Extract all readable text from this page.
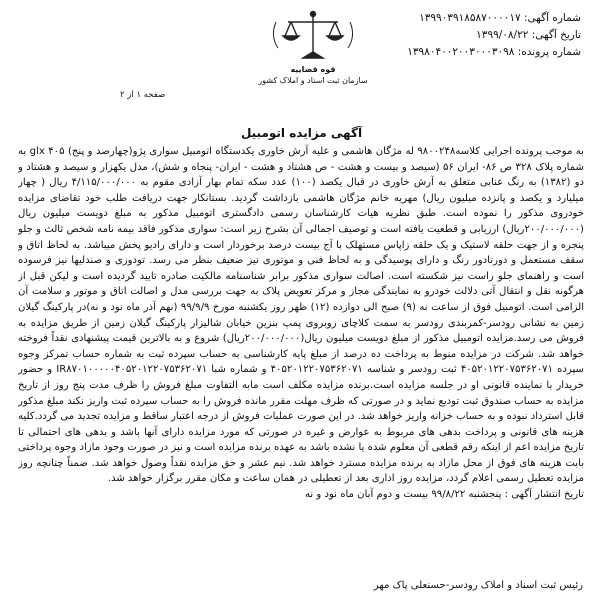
شماره آگهی: ۱۳۹۹۰۳۹۱۸۵۸۷۰۰۰۰۱۷
تاریخ آگهی: ۱۳۹۹/۰۸/۲۲
شماره پرونده: ۱۳۹۸۰۴۰۰۲۰۰۳۰۰۰۳۰۹۸
قوه قضاییه
سازمان ثبت اسناد و املاک کشور
صفحه ۱ از ۲
آگهی مزایده اتومبیل
به موجب پرونده اجرایی کلاسه۹۸۰۰۲۴۸ له مژگان هاشمی و علیه آرش خاوری یکدستگاه اتومبیل سواری پژو(چهارصد و پنج) ۴۰۵ glx به شماره پلاک ۳۲۸ ص ۸۶- ایران ۵۶ (سیصد و بیست و هشت - ص هشتاد و هشت - ایران- پنجاه و شش)، مدل یکهزار و سیصد و هشتاد و دو (۱۳۸۲) به رنگ عنابی متعلق به آرش خاوری در قبال یکصد (۱۰۰) عدد سکه تمام بهار آزادی مقوم به ۴/۱۱۵/۰۰۰/۰۰۰ ریال ( چهار میلیارد و یکصد و پانزده میلیون ریال) مهریه خانم مژگان هاشمی بازداشت گردید. بستانکار جهت دریافت طلب خود تقاضای مزایده خودروی مذکور را نموده است. طبق نظریه هیات کارشناسان رسمی دادگستری اتومبیل مذکور به مبلغ دویست میلیون ریال (۲۰۰/۰۰۰/۰۰۰ریال) ارزیابی و قطعیت یافته است و توصیف اجمالی آن بشرح زیر است: سواری مذکور فاقد بیمه نامه شخص ثالث و جلو پنجره و از جهت حلقه لاستیک و یک حلقه زاپاس مستهلک با آج بیست درصد برخوردار است و دارای رادیو پخش میباشد. به لحاظ اتاق و سقف مستعمل و دورتادور رنگ و دارای پوسیدگی و به لحاظ فنی و موتوری نیز ضعیف بنظر می رسد. تودوزی و صندلیها نیز فرسوده است و راهنمای جلو راست نیز شکسته است. اصالت سواری مذکور برابر شناسنامه مالکیت صادره تایید گردیده است و لیکن قبل از هرگونه نقل و انتقال آتی دلالت خودرو به نمایندگی مجاز و مرکز تعویض پلاک به جهت بررسی مدل و اصالت اتاق و موتور و سلامت آن الزامی است. اتومبیل فوق از ساعت نه (۹) صبح الی دوازده (۱۲) ظهر روز یکشنبه مورخ ۹۹/۹/۹ (نهم آذر ماه نود و نه)در پارکینگ گیلان زمین به نشانی رودسر-کمربندی رودسر به سمت کلاچای روبروی پمپ بنزین خیابان شالیزار پارکینگ گیلان زمین از طریق مزایده به فروش می رسد.مزایده اتومبیل مذکور از مبلغ دویست میلیون ریال(۲۰۰/۰۰۰/۰۰۰ریال) شروع و به بالاترین قیمت پیشنهادی نقداً فروخته خواهد شد. شرکت در مزایده منوط به پرداخت ده درصد از مبلغ پایه کارشناسی به حساب سپرده ثبت به شماره حساب تمرکز وجوه سپرده ۴۰۵۲۰۱۲۲۰۷۵۳۶۲۰۷۱ ثبت رودسر و شناسه ۴۰۵۲۰۱۲۲۰۷۵۳۶۲۰۷۱ و شماره شبا IR۸۷۰۱۰۰۰۰۰۴۰۵۲۰۱۲۲۰۷۵۳۶۲۰۷۱ و حضور خریدار با نماینده قانونی او در جلسه مزایده است.برنده مزایده مکلف است مابه التفاوت مبلغ فروش را ظرف مدت پنج روز از تاریخ مزایده به حساب صندوق ثبت تودیع نماید و در صورتی که ظرف مهلت مقرر مانده فروش را به حساب سپرده ثبت واریز نکند مبلغ مذکور قابل استرداد نبوده و به حساب خزانه واریز خواهد شد. در این صورت عملیات فروش از درجه اعتبار ساقط و مزایده تجدید می گردد.کلیه هزینه های قانونی و پرداخت بدهی های مربوط به عوارض و غیره در صورتی که مورد مزایده دارای آنها باشد و بدهی های احتمالی تا تاریخ مزایده اعم از اینکه رقم قطعی آن معلوم شده یا نشده باشد به عهده برنده مزایده است و نیز در صورت وجود مازاد وجوه پرداختی بابت هزینه های فوق از محل مازاد به برنده مزایده مسترد خواهد شد. نیم عشر و حق مزایده نقداً وصول خواهد شد. ضمناً چنانچه روز مزایده تعطیل رسمی اعلام گردد، مزایده روز اداری بعد از تعطیلی در همان ساعت و مکان مقرر برگزار خواهد شد.
تاریخ انتشار آگهی : پنجشنبه ۹۹/۸/۲۲ بیست و دوم آبان ماه نود و نه
رئیس ثبت اسناد و املاک رودسر-حسنعلی پاک مهر
